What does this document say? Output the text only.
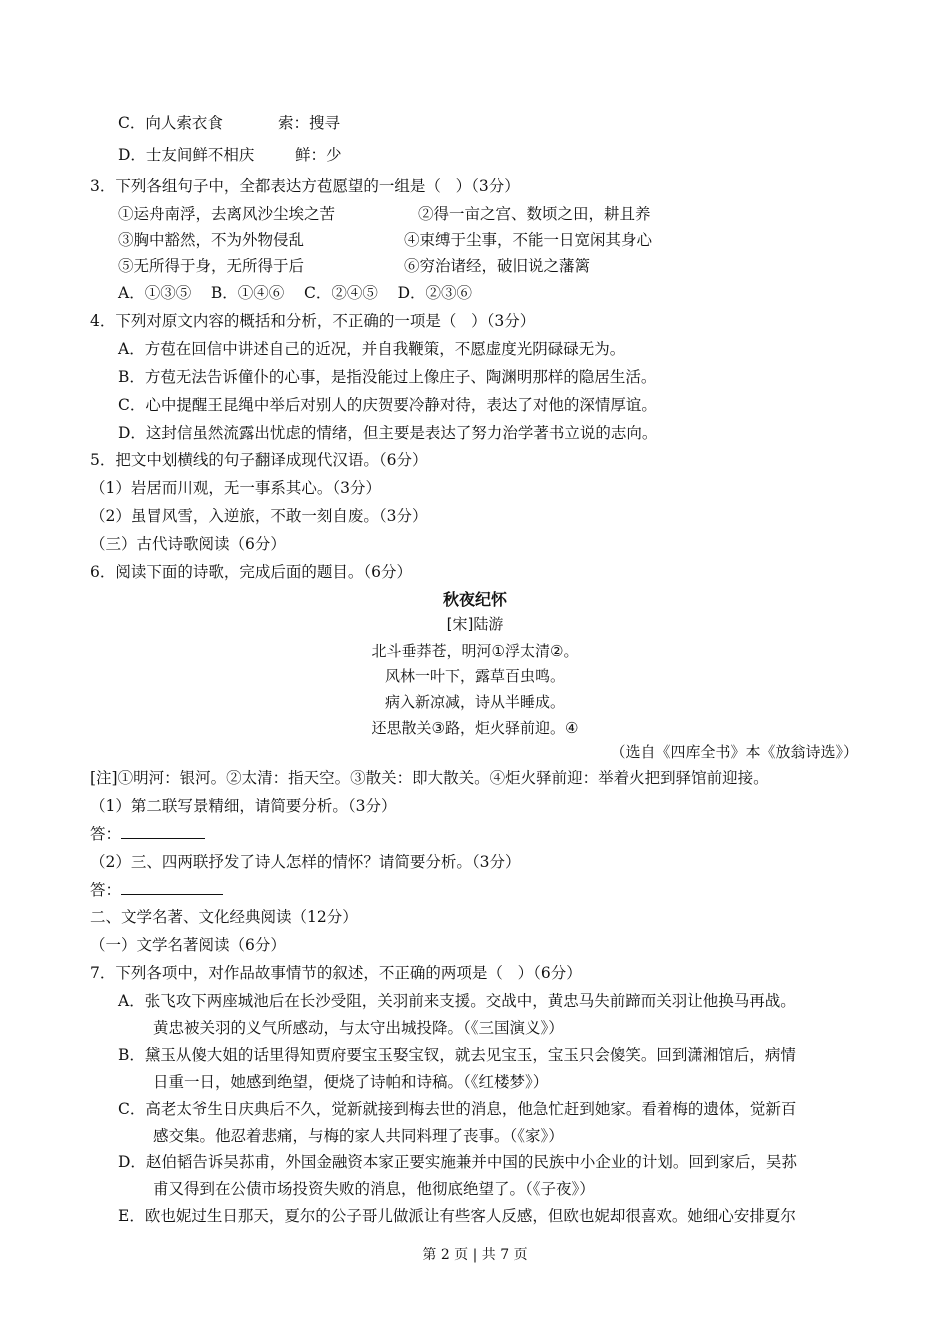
C．向人索衣食	索：搜寻
D．士友间鲜不相庆	鲜：少
3．下列各组句子中，全都表达方苞愿望的一组是（   ）（3分）
①运舟南浮，去离风沙尘埃之苦	②得一亩之宫、数顷之田，耕且养
③胸中豁然，不为外物侵乱	④束缚于尘事，不能一日宽闲其身心
⑤无所得于身，无所得于后	⑥穷治诸经，破旧说之藩篱
A．①③⑤    B．①④⑥    C．②④⑤    D．②③⑥
4．下列对原文内容的概括和分析，不正确的一项是（   ）（3分）
A．方苞在回信中讲述自己的近况，并自我鞭策，不愿虚度光阴碌碌无为。
B．方苞无法告诉僮仆的心事，是指没能过上像庄子、陶渊明那样的隐居生活。
C．心中提醒王昆绳中举后对别人的庆贺要冷静对待，表达了对他的深情厚谊。
D．这封信虽然流露出忧虑的情绪，但主要是表达了努力治学著书立说的志向。
5．把文中划横线的句子翻译成现代汉语。（6分）
（1）岩居而川观，无一事系其心。（3分）
（2）虽冒风雪，入逆旅，不敢一刻自废。（3分）
（三）古代诗歌阅读（6分）
6．阅读下面的诗歌，完成后面的题目。（6分）
秋夜纪怀
[宋]陆游
北斗垂莽苍，明河①浮太清②。
风林一叶下，露草百虫鸣。
病入新凉减，诗从半睡成。
还思散关③路，炬火驿前迎。④
（选自《四库全书》本《放翁诗选》）
[注]①明河：银河。②太清：指天空。③散关：即大散关。④炬火驿前迎：举着火把到驿馆前迎接。
（1）第二联写景精细，请简要分析。（3分）
答：
（2）三、四两联抒发了诗人怎样的情怀？请简要分析。（3分）
答：
二、文学名著、文化经典阅读（12分）
（一）文学名著阅读（6分）
7．下列各项中，对作品故事情节的叙述，不正确的两项是（   ）（6分）
A．张飞攻下两座城池后在长沙受阻，关羽前来支援。交战中，黄忠马失前蹄而关羽让他换马再战。
黄忠被关羽的义气所感动，与太守出城投降。（《三国演义》）
B．黛玉从傻大姐的话里得知贾府要宝玉娶宝钗，就去见宝玉，宝玉只会傻笑。回到潇湘馆后，病情
日重一日，她感到绝望，便烧了诗帕和诗稿。（《红楼梦》）
C．高老太爷生日庆典后不久，觉新就接到梅去世的消息，他急忙赶到她家。看着梅的遗体，觉新百
感交集。他忍着悲痛，与梅的家人共同料理了丧事。（《家》）
D．赵伯韬告诉吴荪甫，外国金融资本家正要实施兼并中国的民族中小企业的计划。回到家后，吴荪
甫又得到在公债市场投资失败的消息，他彻底绝望了。（《子夜》）
E．欧也妮过生日那天，夏尔的公子哥儿做派让有些客人反感，但欧也妮却很喜欢。她细心安排夏尔
第 2 页 | 共 7 页
